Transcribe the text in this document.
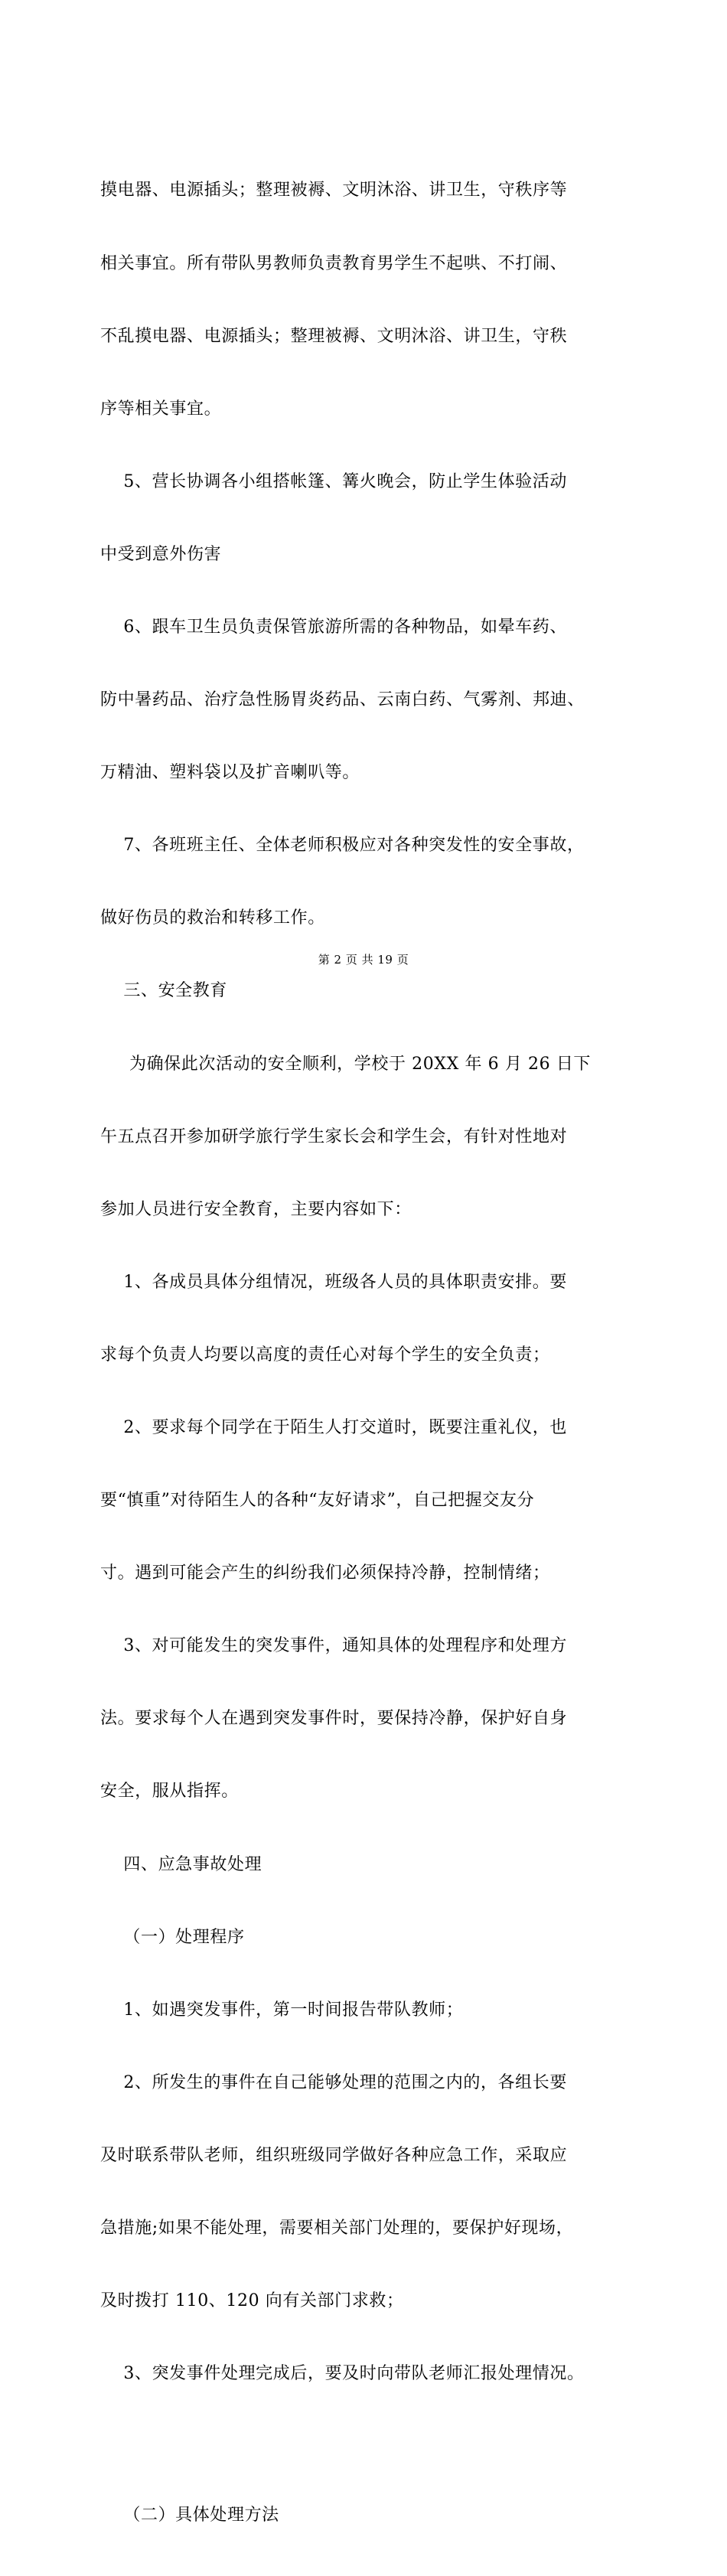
摸电器、电源插头；整理被褥、文明沐浴、讲卫生，守秩序等

相关事宜。所有带队男教师负责教育男学生不起哄、不打闹、

不乱摸电器、电源插头；整理被褥、文明沐浴、讲卫生，守秩

序等相关事宜。

5、营长协调各小组搭帐篷、篝火晚会，防止学生体验活动

中受到意外伤害

6、跟车卫生员负责保管旅游所需的各种物品，如晕车药、

防中暑药品、治疗急性肠胃炎药品、云南白药、气雾剂、邦迪、

万精油、塑料袋以及扩音喇叭等。

7、各班班主任、全体老师积极应对各种突发性的安全事故，

做好伤员的救治和转移工作。

三、安全教育

为确保此次活动的安全顺利，学校于 20XX 年 6 月 26 日下

午五点召开参加研学旅行学生家长会和学生会，有针对性地对

参加人员进行安全教育，主要内容如下：

1、各成员具体分组情况，班级各人员的具体职责安排。要

求每个负责人均要以高度的责任心对每个学生的安全负责；

2、要求每个同学在于陌生人打交道时，既要注重礼仪，也

要“慎重”对待陌生人的各种“友好请求”，自己把握交友分

寸。遇到可能会产生的纠纷我们必须保持冷静，控制情绪；

3、对可能发生的突发事件，通知具体的处理程序和处理方

法。要求每个人在遇到突发事件时，要保持冷静，保护好自身

安全，服从指挥。

四、应急事故处理

（一）处理程序

1、如遇突发事件，第一时间报告带队教师；

2、所发生的事件在自己能够处理的范围之内的，各组长要

及时联系带队老师，组织班级同学做好各种应急工作，采取应

急措施;如果不能处理，需要相关部门处理的，要保护好现场，

及时拨打 110、120 向有关部门求救；

3、突发事件处理完成后，要及时向带队老师汇报处理情况。

（二）具体处理方法

第 2 页 共 19 页
